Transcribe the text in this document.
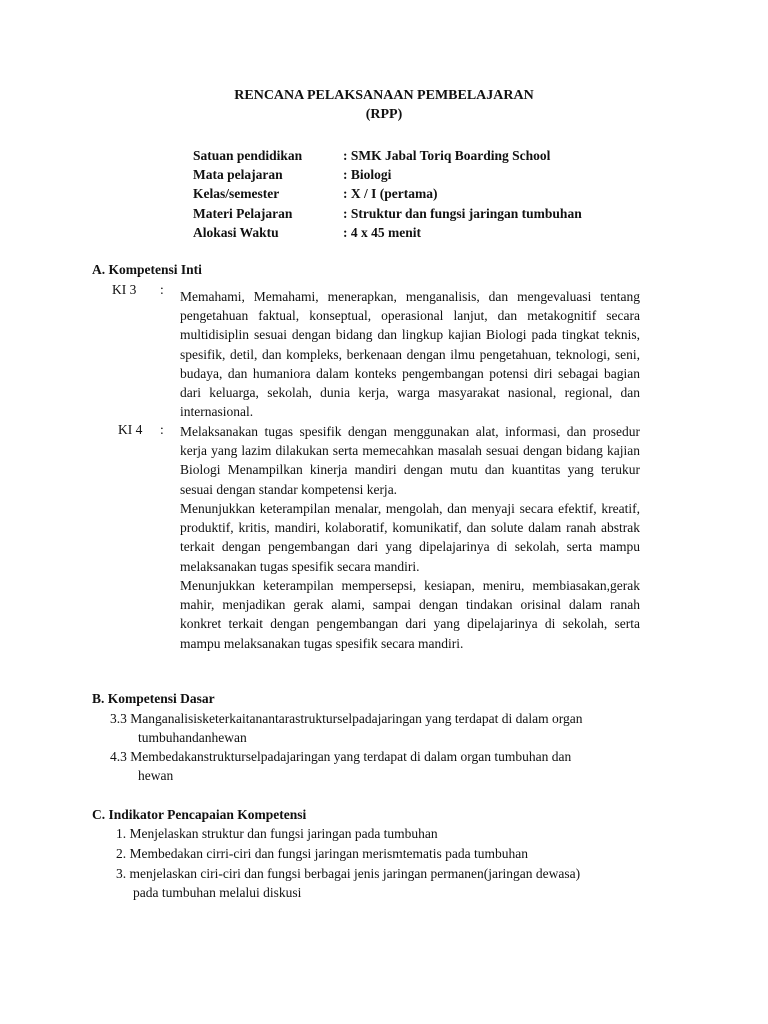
RENCANA PELAKSANAAN PEMBELAJARAN
(RPP)
Satuan pendidikan	: SMK Jabal Toriq Boarding School
Mata pelajaran	: Biologi
Kelas/semester	: X / I (pertama)
Materi Pelajaran	: Struktur dan fungsi jaringan tumbuhan
Alokasi Waktu	: 4 x 45 menit
A. Kompetensi Inti
KI 3 : Memahami, Memahami, menerapkan, menganalisis, dan mengevaluasi tentang pengetahuan faktual, konseptual, operasional lanjut, dan metakognitif secara multidisiplin sesuai dengan bidang dan lingkup kajian Biologi pada tingkat teknis, spesifik, detil, dan kompleks, berkenaan dengan ilmu pengetahuan, teknologi, seni, budaya, dan humaniora dalam konteks pengembangan potensi diri sebagai bagian dari keluarga, sekolah, dunia kerja, warga masyarakat nasional, regional, dan internasional.
KI 4 : Melaksanakan tugas spesifik dengan menggunakan alat, informasi, dan prosedur kerja yang lazim dilakukan serta memecahkan masalah sesuai dengan bidang kajian Biologi Menampilkan kinerja mandiri dengan mutu dan kuantitas yang terukur sesuai dengan standar kompetensi kerja.
Menunjukkan keterampilan menalar, mengolah, dan menyaji secara efektif, kreatif, produktif, kritis, mandiri, kolaboratif, komunikatif, dan solute dalam ranah abstrak terkait dengan pengembangan dari yang dipelajarinya di sekolah, serta mampu melaksanakan tugas spesifik secara mandiri.
Menunjukkan keterampilan mempersepsi, kesiapan, meniru, membiasakan,gerak mahir, menjadikan gerak alami, sampai dengan tindakan orisinal dalam ranah konkret terkait dengan pengembangan dari yang dipelajarinya di sekolah, serta mampu melaksanakan tugas spesifik secara mandiri.
B. Kompetensi Dasar
3.3 Manganalisisketerkaitanantarastrukturselpadajaringan yang terdapat di dalam organ
tumbuhandanhewan
4.3 Membedakanstrukturselpadajaringan yang terdapat di dalam organ tumbuhan dan
hewan
C. Indikator Pencapaian Kompetensi
1. Menjelaskan struktur dan fungsi jaringan pada tumbuhan
2. Membedakan cirri-ciri dan fungsi jaringan merismtematis pada tumbuhan
3. menjelaskan ciri-ciri dan fungsi berbagai jenis jaringan permanen(jaringan dewasa)
pada tumbuhan melalui diskusi
